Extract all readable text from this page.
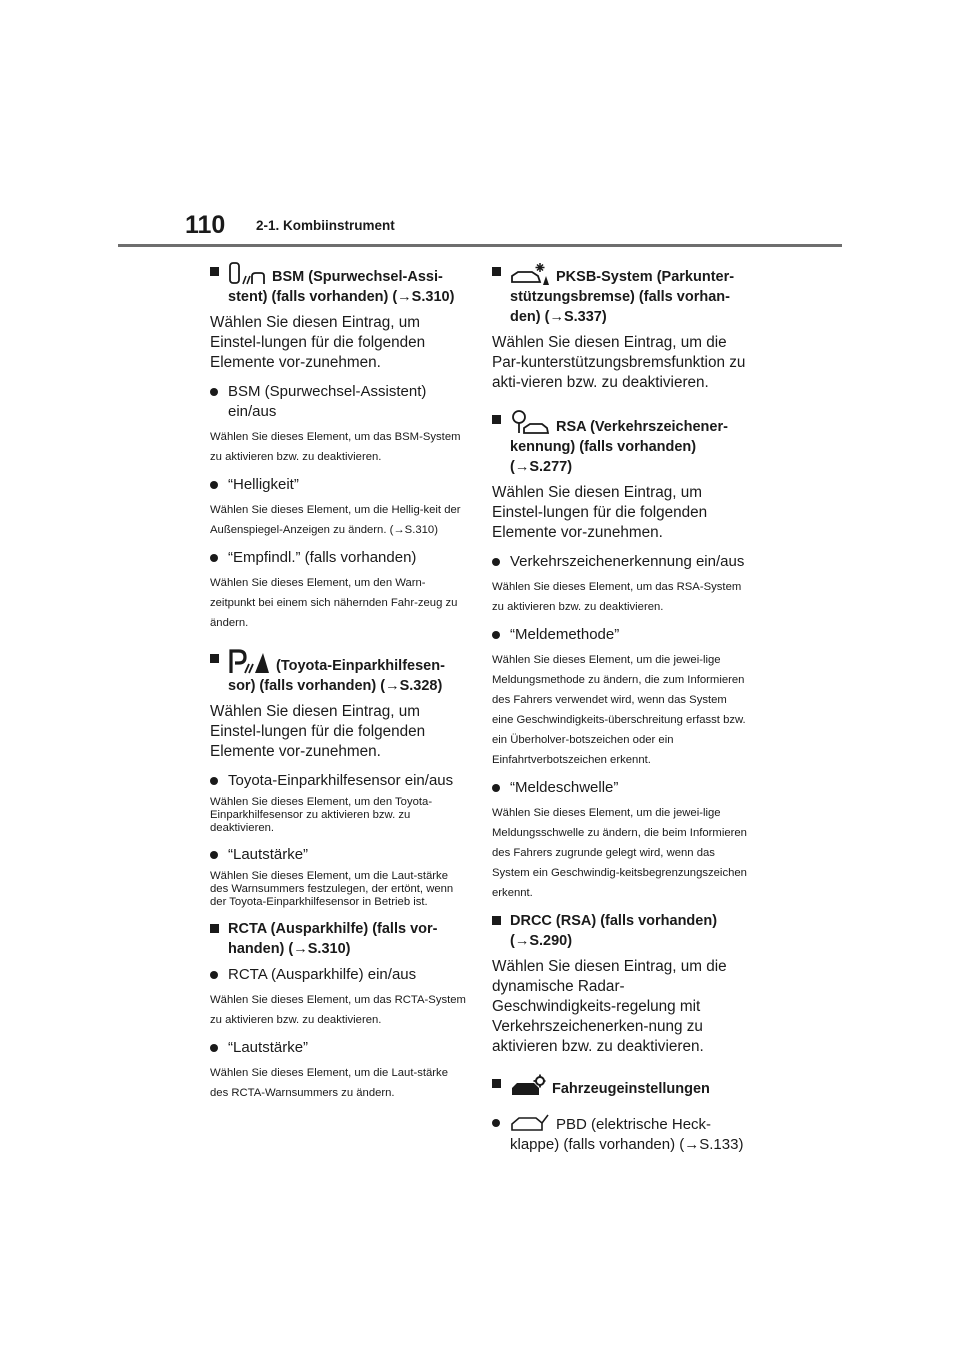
110 2-1. Kombiinstrument
BSM (Spurwechsel-Assi-stent) (falls vorhanden) (→S.310)

Wählen Sie diesen Eintrag, um Einstel-lungen für die folgenden Elemente vor-zunehmen.

BSM (Spurwechsel-Assistent) ein/aus

Wählen Sie dieses Element, um das BSM-System zu aktivieren bzw. zu deaktivieren.

“Helligkeit”

Wählen Sie dieses Element, um die Hellig-keit der Außenspiegel-Anzeigen zu ändern. (→S.310)

“Empfindl.” (falls vorhanden)

Wählen Sie dieses Element, um den Warn-zeitpunkt bei einem sich nähernden Fahr-zeug zu ändern.

(Toyota-Einparkhilfesen-sor) (falls vorhanden) (→S.328)

Wählen Sie diesen Eintrag, um Einstel-lungen für die folgenden Elemente vor-zunehmen.

Toyota-Einparkhilfesensor ein/aus

Wählen Sie dieses Element, um den Toyota-Einparkhilfesensor zu aktivieren bzw. zu deaktivieren.

“Lautstärke”

Wählen Sie dieses Element, um die Laut-stärke des Warnsummers festzulegen, der ertönt, wenn der Toyota-Einparkhilfesensor in Betrieb ist.

RCTA (Ausparkhilfe) (falls vor-handen) (→S.310)
RCTA (Ausparkhilfe) ein/aus

Wählen Sie dieses Element, um das RCTA-System zu aktivieren bzw. zu deaktivieren.

“Lautstärke”

Wählen Sie dieses Element, um die Laut-stärke des RCTA-Warnsummers zu ändern.

PKSB-System (Parkunter-stützungsbremse) (falls vorhan-den) (→S.337)

Wählen Sie diesen Eintrag, um die Par-kunterstützungsbremsfunktion zu akti-vieren bzw. zu deaktivieren.

RSA (Verkehrszeichener-kennung) (falls vorhanden) (→S.277)

Wählen Sie diesen Eintrag, um Einstel-lungen für die folgenden Elemente vor-zunehmen.

Verkehrszeichenerkennung ein/aus

Wählen Sie dieses Element, um das RSA-System zu aktivieren bzw. zu deaktivieren.

“Meldemethode”

Wählen Sie dieses Element, um die jewei-lige Meldungsmethode zu ändern, die zum Informieren des Fahrers verwendet wird, wenn das System eine Geschwindigkeits-überschreitung erfasst bzw. ein Überholver-botszeichen oder ein Einfahrtverbotszeichen erkennt.

“Meldeschwelle”

Wählen Sie dieses Element, um die jewei-lige Meldungsschwelle zu ändern, die beim Informieren des Fahrers zugrunde gelegt wird, wenn das System ein Geschwindig-keitsbegrenzungszeichen erkennt.

DRCC (RSA) (falls vorhanden) (→S.290)

Wählen Sie diesen Eintrag, um die dynamische Radar-Geschwindigkeits-regelung mit Verkehrszeichenerken-nung zu aktivieren bzw. zu deaktivieren.

Fahrzeugeinstellungen
PBD (elektrische Heck-klappe) (falls vorhanden) (→S.133)
